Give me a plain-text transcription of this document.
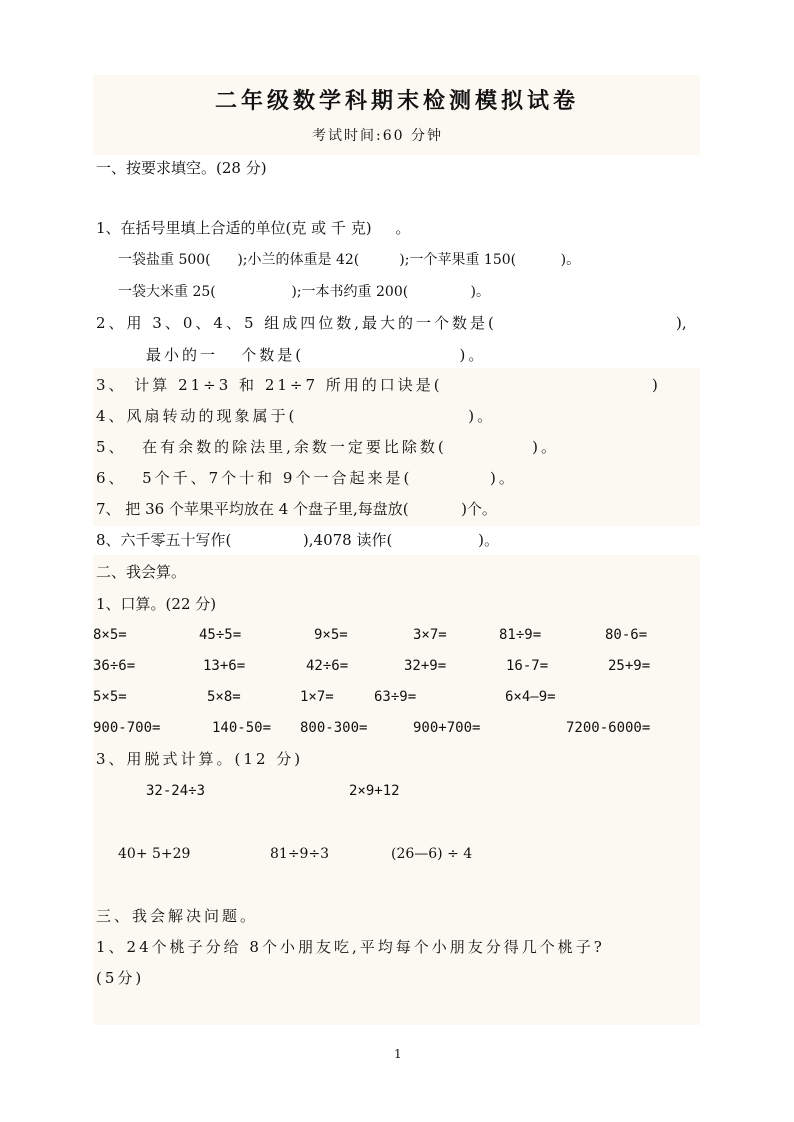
二年级数学科期末检测模拟试卷
考试时间:60 分钟
一、按要求填空。(28 分)
1、在括号里填上合适的单位(克 或 千 克)     。
一袋盐重 500(      );小兰的体重是 42(         );一个苹果重 150(          )。
一袋大米重 25(                 );一本书约重 200(              )。
2、用 3、0、4、5 组成四位数,最大的一个数是(	),
最小的一   个数是(                    )。
3、 计算 21÷3 和 21÷7 所用的口诀是(	)
4、风扇转动的现象属于(                      )。
5、  在有余数的除法里,余数一定要比除数(           )。
6、  5个千、7个十和 9个一合起来是(          )。
7、 把 36 个苹果平均放在 4 个盘子里,每盘放(           )个。
8、六千零五十写作(               ),4078 读作(                  )。
二、我会算。
1、口算。(22 分)
8×5=	45÷5=	9×5=	3×7=	81÷9=	80-6=
36÷6=	13+6=	42÷6=	32+9=	16-7=	25+9=
5×5=	5×8=	1×7=	63÷9=	6×4—9=
900-700=	140-50= 800-300=	900+700=	7200-6000=
3、用脱式计算。(12 分)
32-24÷3	2×9+12
40+ 5+29	81÷9÷3	(26—6) ÷ 4
三、我会解决问题。
1、24个桃子分给 8个小朋友吃,平均每个小朋友分得几个桃子?
(5分)
1
